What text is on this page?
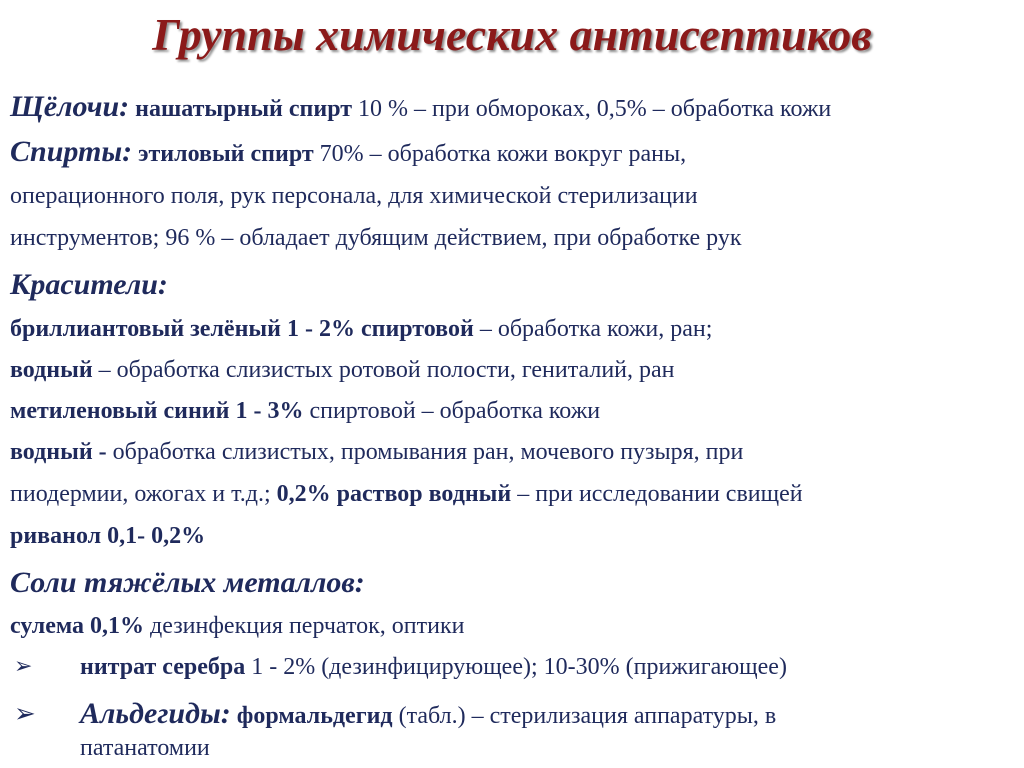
Группы химических антисептиков
Щёлочи: нашатырный спирт 10 % – при обмороках, 0,5% – обработка кожи
Спирты: этиловый спирт 70% – обработка кожи вокруг раны,
операционного поля, рук персонала, для химической стерилизации
инструментов; 96 % – обладает дубящим действием, при обработке рук
Красители:
бриллиантовый зелёный 1 - 2% спиртовой – обработка кожи, ран;
водный – обработка слизистых ротовой полости, гениталий, ран
метиленовый синий 1 - 3% спиртовой – обработка кожи
водный - обработка слизистых, промывания ран, мочевого пузыря, при
пиодермии, ожогах и т.д.; 0,2% раствор водный – при исследовании свищей
риванол 0,1- 0,2%
Соли тяжёлых металлов:
сулема 0,1% дезинфекция перчаток, оптики
➢ нитрат серебра 1 - 2% (дезинфицирующее); 10-30% (прижигающее)
➢ Альдегиды: формальдегид (табл.) – стерилизация аппаратуры, в
патанатомии
